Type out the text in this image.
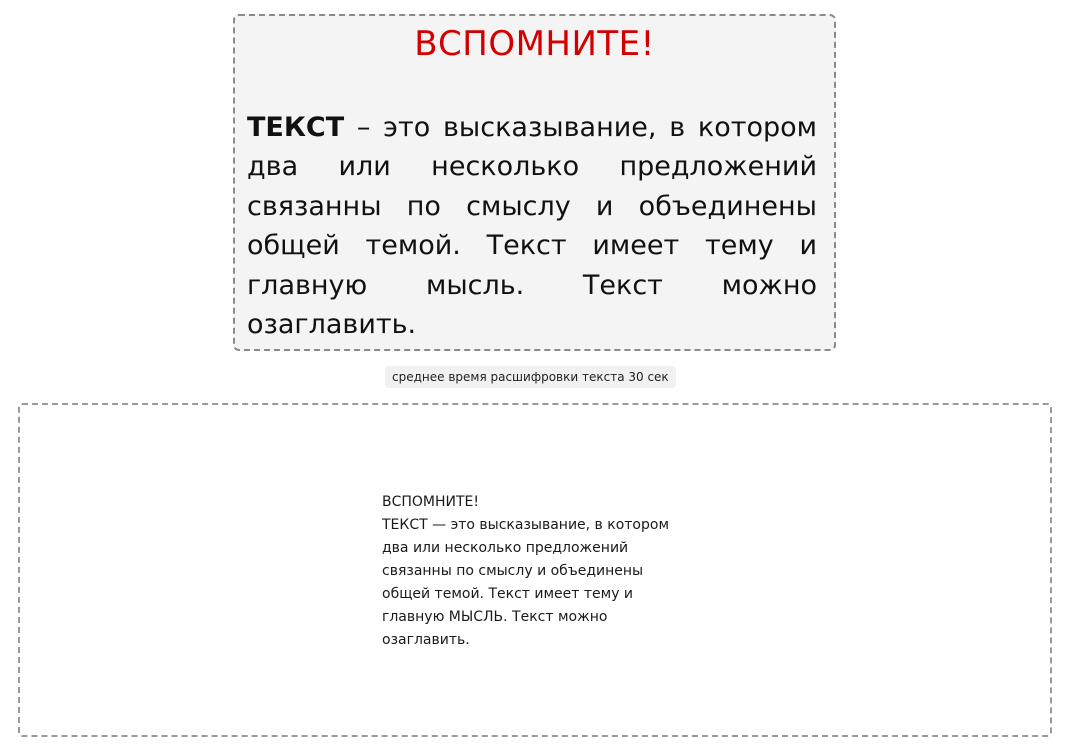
ВСПОМНИТЕ!

ТЕКСТ – это высказывание, в котором два или несколько предложений связанны по смыслу и объединены общей темой. Текст имеет тему и главную мысль. Текст можно озаглавить.

среднее время расшифровки текста 30 сек
ВСПОМНИТЕ!
ТЕКСТ — это высказывание, в котором
два или несколько предложений
связанны по смыслу и объединены
общей темой. Текст имеет тему и
главную МЫСЛЬ. Текст можно
озаглавить.
